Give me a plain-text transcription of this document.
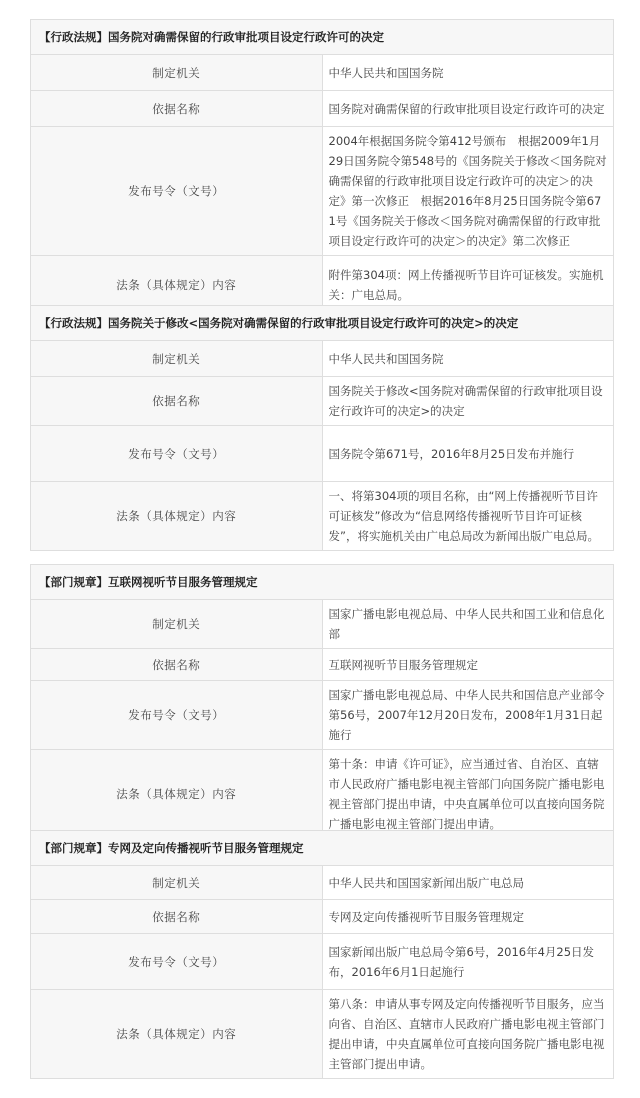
【行政法规】国务院对确需保留的行政审批项目设定行政许可的决定	
制定机关	中华人民共和国国务院
依据名称	国务院对确需保留的行政审批项目设定行政许可的决定
发布号令（文号）	2004年根据国务院令第412号颁布　根据2009年1月29日国务院令第548号的《国务院关于修改＜国务院对确需保留的行政审批项目设定行政许可的决定＞的决定》第一次修正　根据2016年8月25日国务院令第671号《国务院关于修改＜国务院对确需保留的行政审批项目设定行政许可的决定＞的决定》第二次修正
法条（具体规定）内容	附件第304项：网上传播视听节目许可证核发。实施机关：广电总局。
【行政法规】国务院关于修改<国务院对确需保留的行政审批项目设定行政许可的决定>的决定	
制定机关	中华人民共和国国务院
依据名称	国务院关于修改<国务院对确需保留的行政审批项目设定行政许可的决定>的决定
发布号令（文号）	国务院令第671号，2016年8月25日发布并施行
法条（具体规定）内容	一、将第304项的项目名称，由“网上传播视听节目许可证核发”修改为“信息网络传播视听节目许可证核发”，将实施机关由广电总局改为新闻出版广电总局。
【部门规章】互联网视听节目服务管理规定	
制定机关	国家广播电影电视总局、中华人民共和国工业和信息化部
依据名称	互联网视听节目服务管理规定
发布号令（文号）	国家广播电影电视总局、中华人民共和国信息产业部令第56号，2007年12月20日发布，2008年1月31日起施行
法条（具体规定）内容	第十条：申请《许可证》，应当通过省、自治区、直辖市人民政府广播电影电视主管部门向国务院广播电影电视主管部门提出申请，中央直属单位可以直接向国务院广播电影电视主管部门提出申请。
【部门规章】专网及定向传播视听节目服务管理规定	
制定机关	中华人民共和国国家新闻出版广电总局
依据名称	专网及定向传播视听节目服务管理规定
发布号令（文号）	国家新闻出版广电总局令第6号，2016年4月25日发布，2016年6月1日起施行
法条（具体规定）内容	第八条：申请从事专网及定向传播视听节目服务，应当向省、自治区、直辖市人民政府广播电影电视主管部门提出申请，中央直属单位可直接向国务院广播电影电视主管部门提出申请。
